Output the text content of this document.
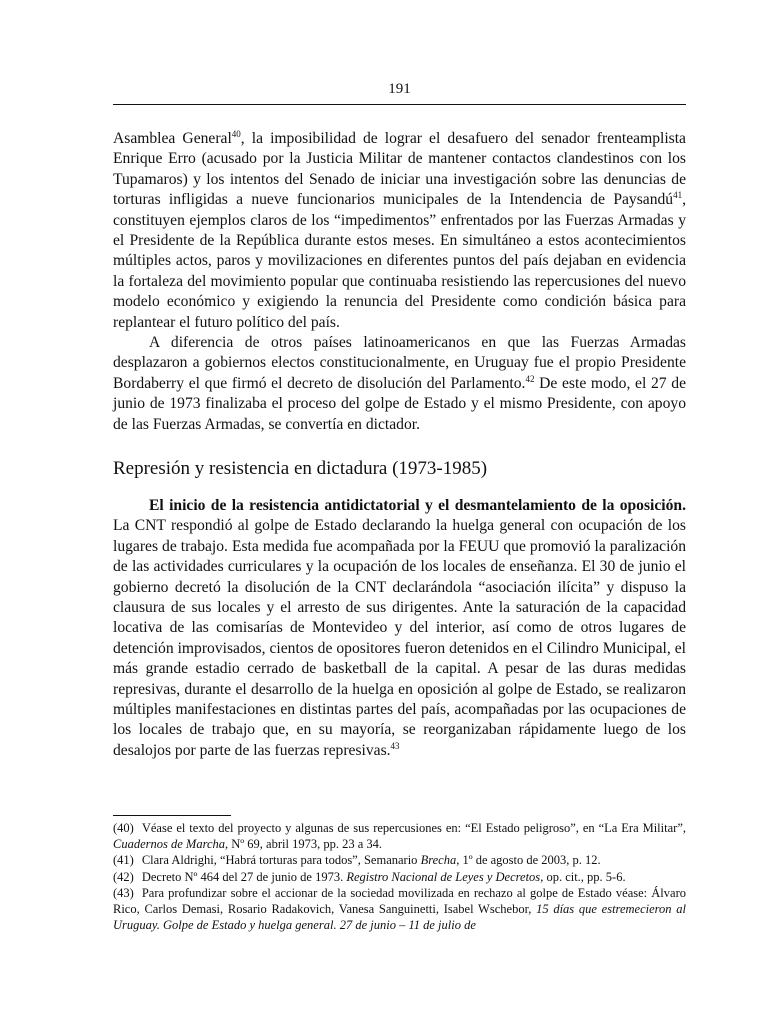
191

Asamblea General$^{40}$, la imposibilidad de lograr el desafuero del senador frenteamplista Enrique Erro (acusado por la Justicia Militar de mantener contactos clandestinos con los Tupamaros) y los intentos del Senado de iniciar una investigación sobre las denuncias de torturas infligidas a nueve funcionarios municipales de la Intendencia de Paysandú$^{41}$, constituyen ejemplos claros de los “impedimentos” enfrentados por las Fuerzas Armadas y el Presidente de la República durante estos meses. En simultáneo a estos acontecimientos múltiples actos, paros y movilizaciones en diferentes puntos del país dejaban en evidencia la fortaleza del movimiento popular que continuaba resistiendo las repercusiones del nuevo modelo económico y exigiendo la renuncia del Presidente como condición básica para replantear el futuro político del país.

A diferencia de otros países latinoamericanos en que las Fuerzas Armadas desplazaron a gobiernos electos constitucionalmente, en Uruguay fue el propio Presidente Bordaberry el que firmó el decreto de disolución del Parlamento.$^{42}$ De este modo, el 27 de junio de 1973 finalizaba el proceso del golpe de Estado y el mismo Presidente, con apoyo de las Fuerzas Armadas, se convertía en dictador.

Represión y resistencia en dictadura (1973-1985)

El inicio de la resistencia antidictatorial y el desmantelamiento de la oposición. La CNT respondió al golpe de Estado declarando la huelga general con ocupación de los lugares de trabajo. Esta medida fue acompañada por la FEUU que promovió la paralización de las actividades curriculares y la ocupación de los locales de enseñanza. El 30 de junio el gobierno decretó la disolución de la CNT declarándola “asociación ilícita” y dispuso la clausura de sus locales y el arresto de sus dirigentes. Ante la saturación de la capacidad locativa de las comisarías de Montevideo y del interior, así como de otros lugares de detención improvisados, cientos de opositores fueron detenidos en el Cilindro Municipal, el más grande estadio cerrado de basketball de la capital. A pesar de las duras medidas represivas, durante el desarrollo de la huelga en oposición al golpe de Estado, se realizaron múltiples manifestaciones en distintas partes del país, acompañadas por las ocupaciones de los locales de trabajo que, en su mayoría, se reorganizaban rápidamente luego de los desalojos por parte de las fuerzas represivas.$^{43}$

(40) Véase el texto del proyecto y algunas de sus repercusiones en: “El Estado peligroso”, en “La Era Militar”, Cuadernos de Marcha, Nº 69, abril 1973, pp. 23 a 34.

(41) Clara Aldrighi, “Habrá torturas para todos”, Semanario Brecha, 1º de agosto de 2003, p. 12.

(42) Decreto Nº 464 del 27 de junio de 1973. Registro Nacional de Leyes y Decretos, op. cit., pp. 5-6.

(43) Para profundizar sobre el accionar de la sociedad movilizada en rechazo al golpe de Estado véase: Álvaro Rico, Carlos Demasi, Rosario Radakovich, Vanesa Sanguinetti, Isabel Wschebor, 15 días que estremecieron al Uruguay. Golpe de Estado y huelga general. 27 de junio – 11 de julio de
